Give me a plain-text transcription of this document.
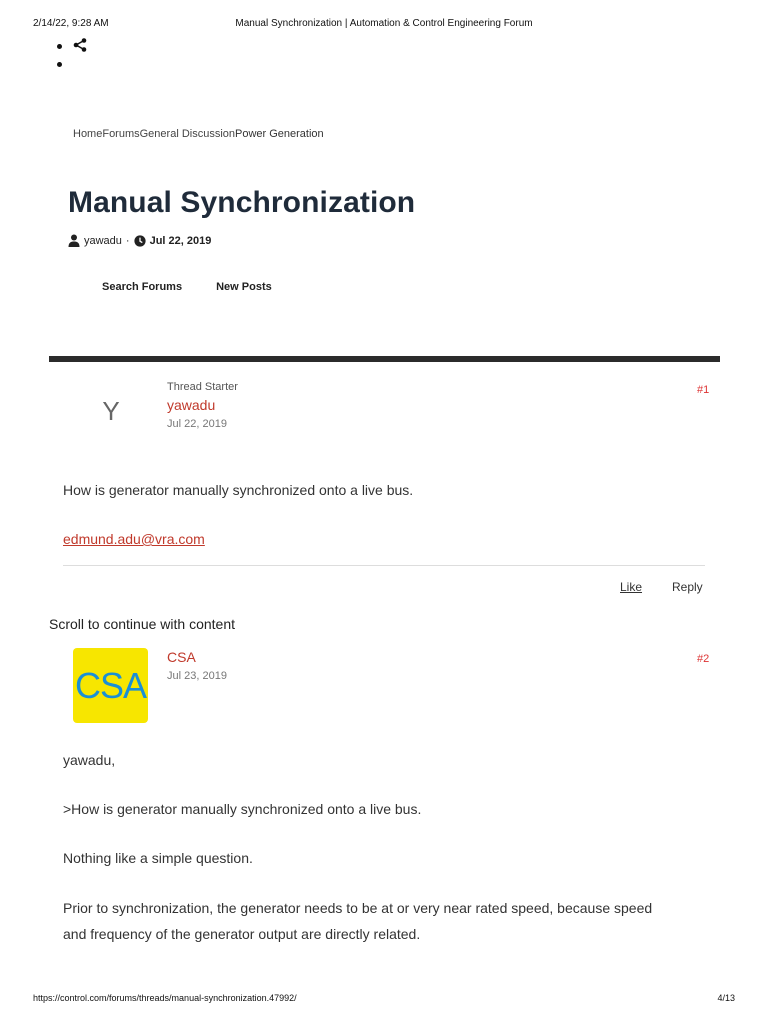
2/14/22, 9:28 AM	Manual Synchronization | Automation & Control Engineering Forum
Home Forums General Discussion Power Generation
Manual Synchronization
yawadu · Jul 22, 2019
Search Forums	New Posts
Y
Thread Starter
yawadu
Jul 22, 2019
#1
How is generator manually synchronized onto a live bus.
edmund.adu@vra.com
Like Reply
Scroll to continue with content
CSA
CSA
Jul 23, 2019
#2
yawadu,
>How is generator manually synchronized onto a live bus.
Nothing like a simple question.
Prior to synchronization, the generator needs to be at or very near rated speed, because speed
and frequency of the generator output are directly related.
https://control.com/forums/threads/manual-synchronization.47992/	4/13
